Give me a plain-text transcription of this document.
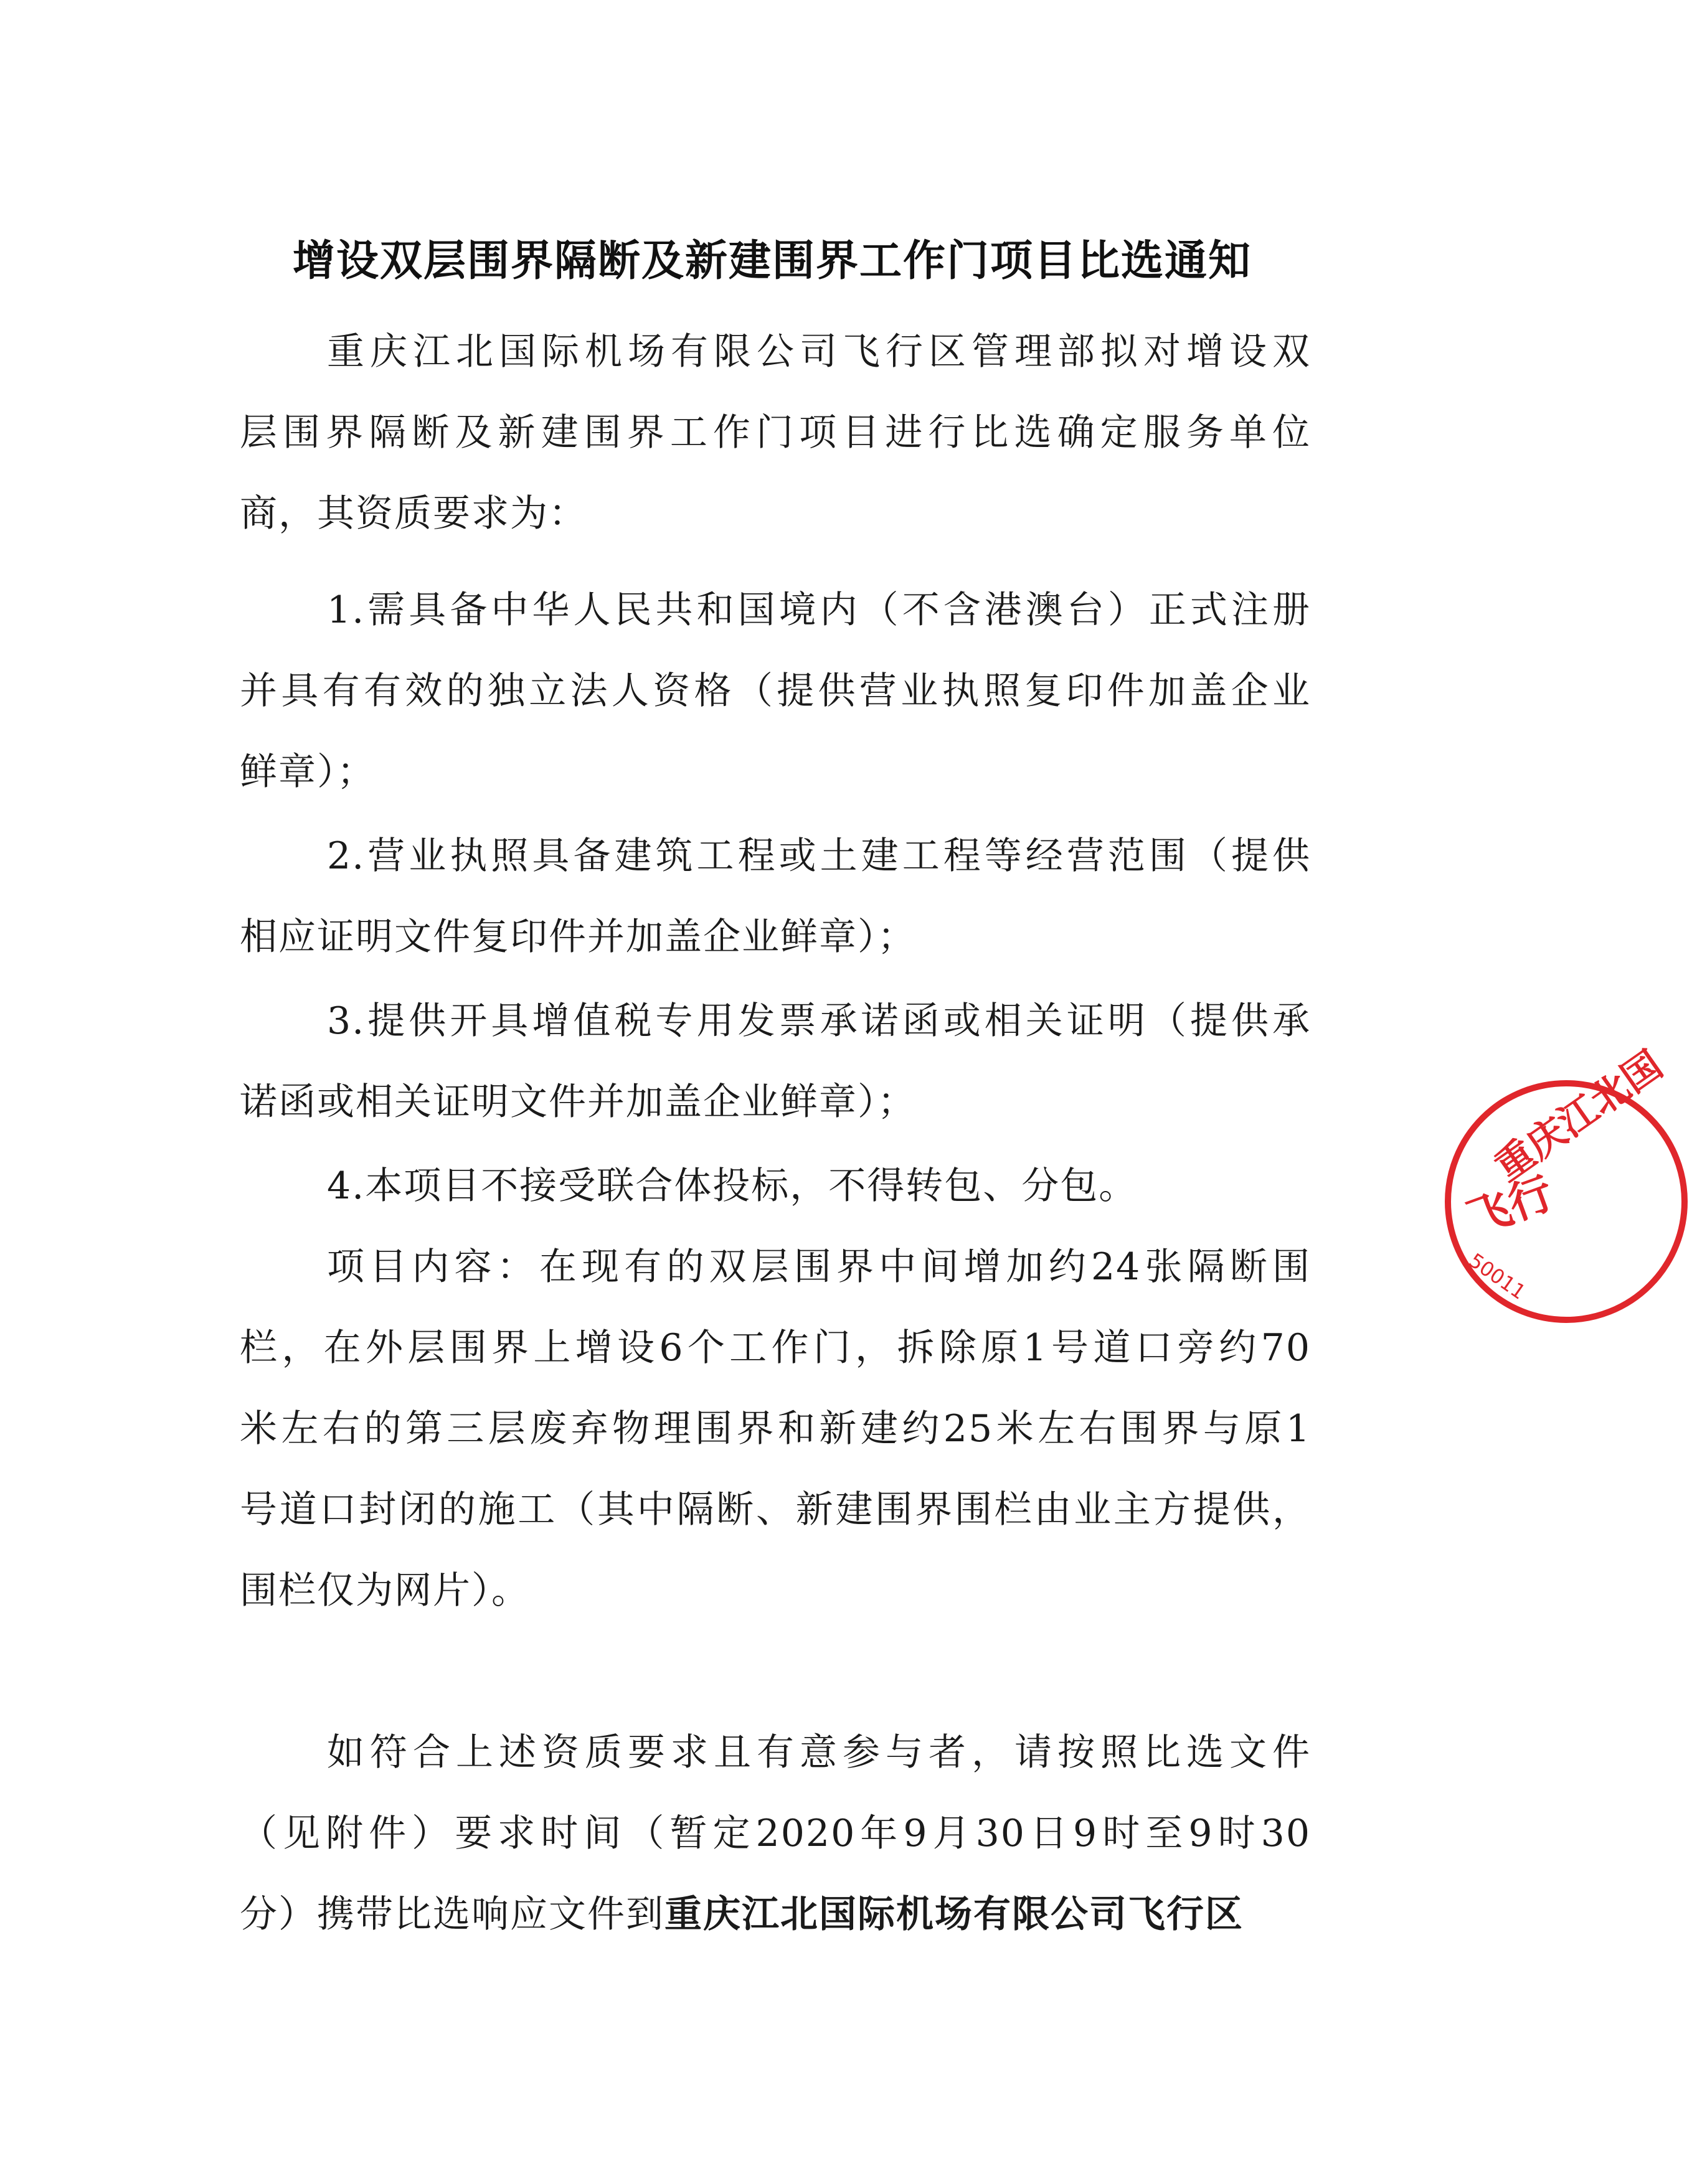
增设双层围界隔断及新建围界工作门项目比选通知
重庆江北国际机场有限公司飞行区管理部拟对增设双
层围界隔断及新建围界工作门项目进行比选确定服务单位
商，其资质要求为：
1.需具备中华人民共和国境内（不含港澳台）正式注册
并具有有效的独立法人资格（提供营业执照复印件加盖企业
鲜章）；
2.营业执照具备建筑工程或土建工程等经营范围（提供
相应证明文件复印件并加盖企业鲜章）；
3.提供开具增值税专用发票承诺函或相关证明（提供承
诺函或相关证明文件并加盖企业鲜章）；
4.本项目不接受联合体投标，不得转包、分包。
项目内容：在现有的双层围界中间增加约24张隔断围
栏，在外层围界上增设6个工作门，拆除原1号道口旁约70
米左右的第三层废弃物理围界和新建约25米左右围界与原1
号道口封闭的施工（其中隔断、新建围界围栏由业主方提供，
围栏仅为网片）。
如符合上述资质要求且有意参与者，请按照比选文件
（见附件）要求时间（暂定2020年9月30日9时至9时30
分）携带比选响应文件到重庆江北国际机场有限公司飞行区
重庆江北国
飞行
50011
